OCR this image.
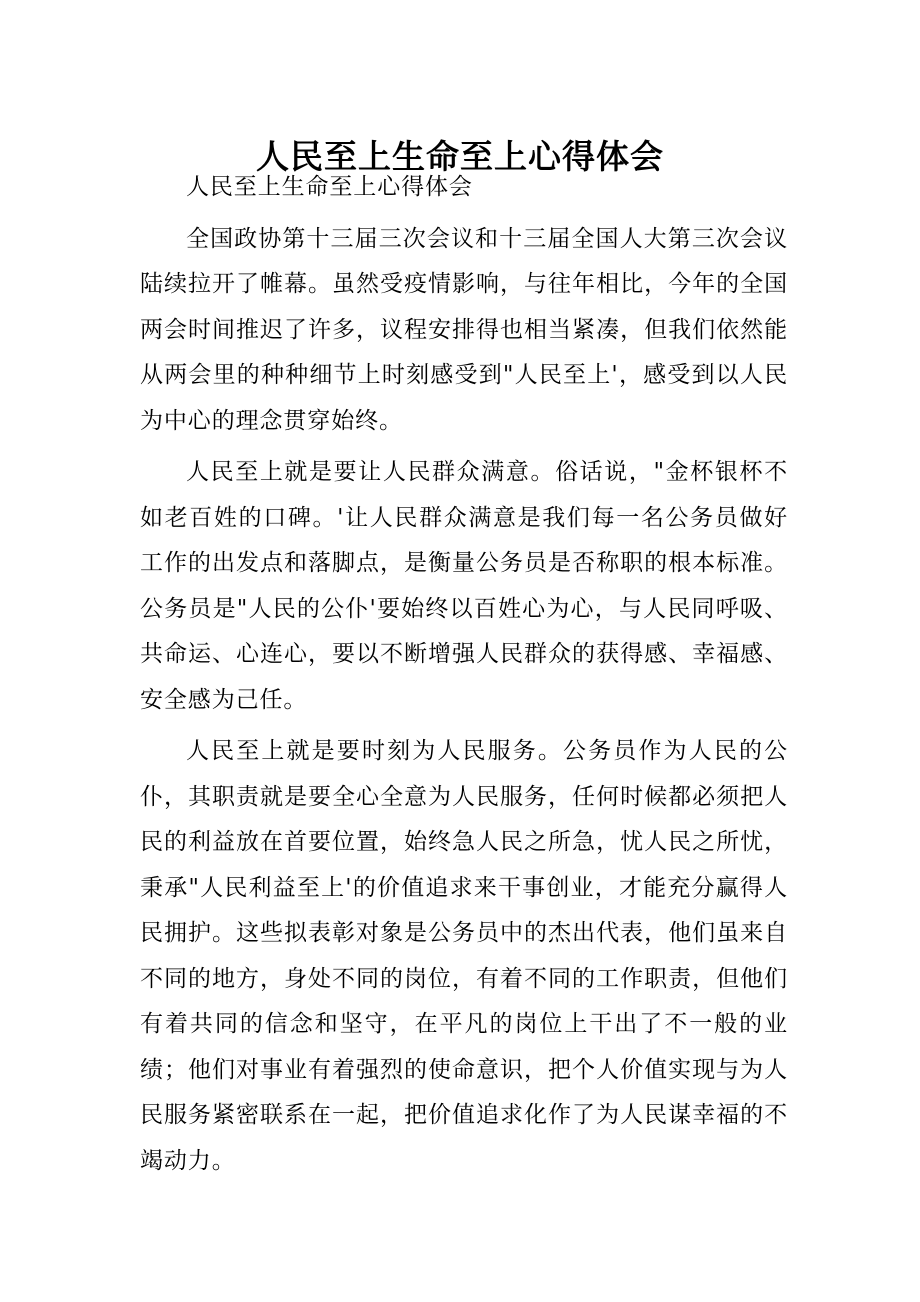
人民至上生命至上心得体会

人民至上生命至上心得体会

全国政协第十三届三次会议和十三届全国人大第三次会议陆续拉开了帷幕。虽然受疫情影响，与往年相比，今年的全国两会时间推迟了许多，议程安排得也相当紧凑，但我们依然能从两会里的种种细节上时刻感受到"人民至上'，感受到以人民为中心的理念贯穿始终。

人民至上就是要让人民群众满意。俗话说，"金杯银杯不如老百姓的口碑。'让人民群众满意是我们每一名公务员做好工作的出发点和落脚点，是衡量公务员是否称职的根本标准。公务员是"人民的公仆'要始终以百姓心为心，与人民同呼吸、共命运、心连心，要以不断增强人民群众的获得感、幸福感、安全感为己任。

人民至上就是要时刻为人民服务。公务员作为人民的公仆，其职责就是要全心全意为人民服务，任何时候都必须把人民的利益放在首要位置，始终急人民之所急，忧人民之所忧，秉承"人民利益至上'的价值追求来干事创业，才能充分赢得人民拥护。这些拟表彰对象是公务员中的杰出代表，他们虽来自不同的地方，身处不同的岗位，有着不同的工作职责，但他们有着共同的信念和坚守，在平凡的岗位上干出了不一般的业绩；他们对事业有着强烈的使命意识，把个人价值实现与为人民服务紧密联系在一起，把价值追求化作了为人民谋幸福的不竭动力。
